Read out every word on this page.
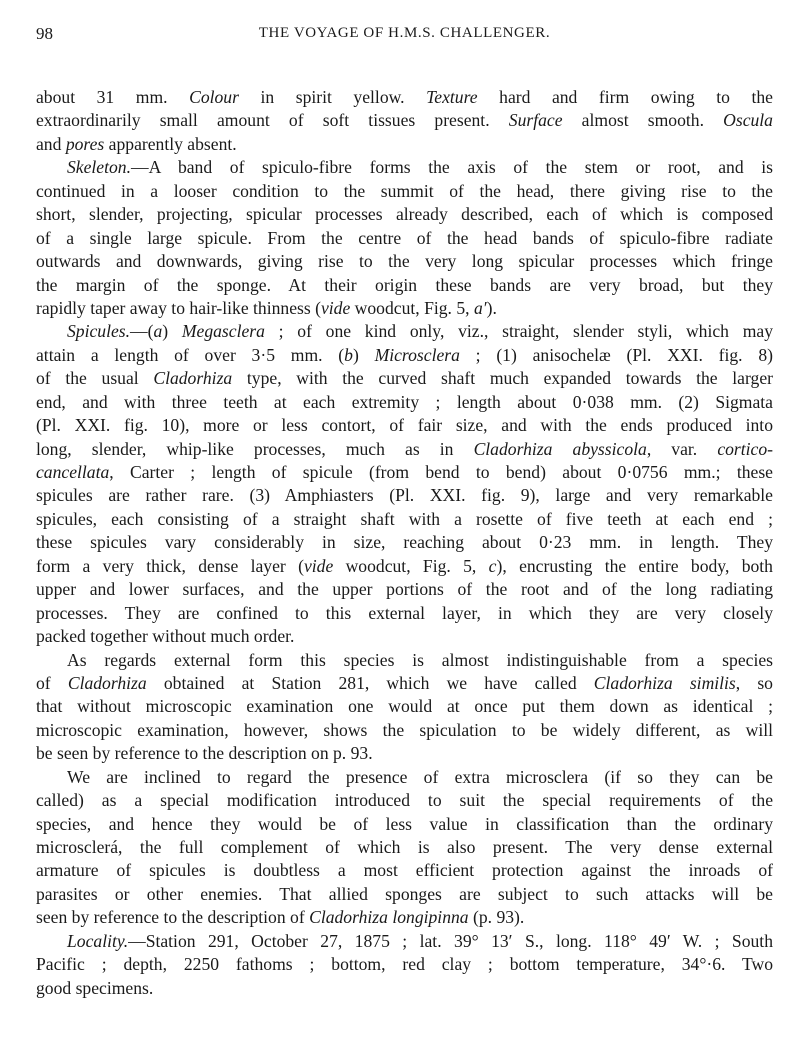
98	THE VOYAGE OF H.M.S. CHALLENGER.
about 31 mm. Colour in spirit yellow. Texture hard and firm owing to the
extraordinarily small amount of soft tissues present. Surface almost smooth. Oscula
and pores apparently absent.
Skeleton.—A band of spiculo-fibre forms the axis of the stem or root, and is
continued in a looser condition to the summit of the head, there giving rise to the
short, slender, projecting, spicular processes already described, each of which is composed
of a single large spicule. From the centre of the head bands of spiculo-fibre radiate
outwards and downwards, giving rise to the very long spicular processes which fringe
the margin of the sponge. At their origin these bands are very broad, but they
rapidly taper away to hair-like thinness (vide woodcut, Fig. 5, a′).
Spicules.—(a) Megasclera ; of one kind only, viz., straight, slender styli, which may
attain a length of over 3·5 mm. (b) Microsclera ; (1) anisochelæ (Pl. XXI. fig. 8)
of the usual Cladorhiza type, with the curved shaft much expanded towards the larger
end, and with three teeth at each extremity ; length about 0·038 mm. (2) Sigmata
(Pl. XXI. fig. 10), more or less contort, of fair size, and with the ends produced into
long, slender, whip-like processes, much as in Cladorhiza abyssicola, var. cortico-
cancellata, Carter ; length of spicule (from bend to bend) about 0·0756 mm.; these
spicules are rather rare. (3) Amphiasters (Pl. XXI. fig. 9), large and very remarkable
spicules, each consisting of a straight shaft with a rosette of five teeth at each end ;
these spicules vary considerably in size, reaching about 0·23 mm. in length. They
form a very thick, dense layer (vide woodcut, Fig. 5, c), encrusting the entire body, both
upper and lower surfaces, and the upper portions of the root and of the long radiating
processes. They are confined to this external layer, in which they are very closely
packed together without much order.
As regards external form this species is almost indistinguishable from a species
of Cladorhiza obtained at Station 281, which we have called Cladorhiza similis, so
that without microscopic examination one would at once put them down as identical ;
microscopic examination, however, shows the spiculation to be widely different, as will
be seen by reference to the description on p. 93.
We are inclined to regard the presence of extra microsclera (if so they can be
called) as a special modification introduced to suit the special requirements of the
species, and hence they would be of less value in classification than the ordinary
microsclerá, the full complement of which is also present. The very dense external
armature of spicules is doubtless a most efficient protection against the inroads of
parasites or other enemies. That allied sponges are subject to such attacks will be
seen by reference to the description of Cladorhiza longipinna (p. 93).
Locality.—Station 291, October 27, 1875 ; lat. 39° 13′ S., long. 118° 49′ W. ; South
Pacific ; depth, 2250 fathoms ; bottom, red clay ; bottom temperature, 34°·6. Two
good specimens.
